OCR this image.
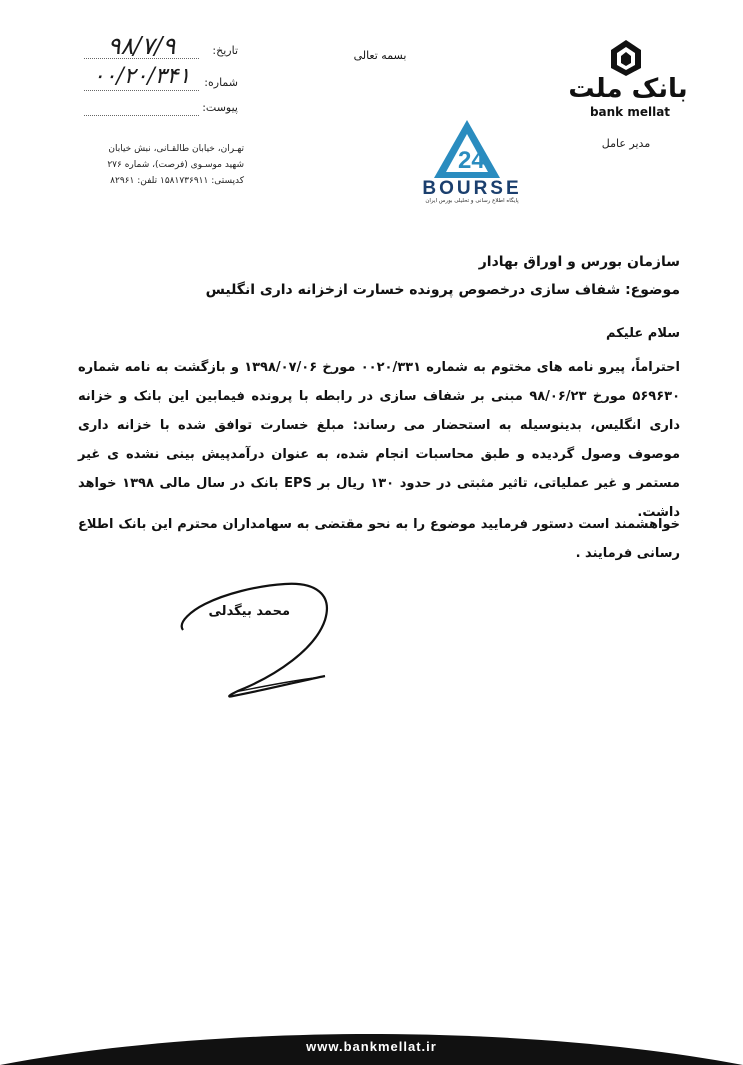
تاریخ:
۹۸/۷/۹
شماره:
۰۰/۲۰/۳۴۱
پیوست:
تهـران، خیابان طالقـانی، نبش خیابان
شهید موسـوی (فرصت)، شماره ۲۷۶
کدپستی: ۱۵۸۱۷۳۶۹۱۱ تلفن: ۸۲۹۶۱
بسمه تعالی
بانک ملت
bank mellat
مدیر عامل
24
BOURSE
پایگاه اطلاع رسانی و تحلیلی بورس ایران
سازمان بورس و اوراق بهادار
موضوع: شفاف سازی درخصوص پرونده خسارت ازخزانه داری انگلیس
سلام علیکم
احتراماً، پیرو نامه های مختوم به شماره ۰۰۲۰/۳۳۱ مورخ ۱۳۹۸/۰۷/۰۶ و بازگشت به نامه شماره ۵۶۹۶۳۰ مورخ ۹۸/۰۶/۲۳ مبنی بر شفاف سازی در رابطه با پرونده فیمابین این بانک و خزانه داری انگلیس، بدینوسیله به استحضار می رساند: مبلغ خسارت توافق شده با خزانه داری موصوف وصول گردیده و طبق محاسبات انجام شده، به عنوان درآمدپیش بینی نشده ی غیر مستمر و غیر عملیاتی، تاثیر مثبتی در حدود ۱۳۰ ریال بر EPS بانک در سال مالی ۱۳۹۸ خواهد داشت.
خواهشمند است دستور فرمایید موضوع را به نحو مقتضی به سهامداران محترم این بانک اطلاع رسانی فرمایند .
محمد بیگدلی
www.bankmellat.ir
